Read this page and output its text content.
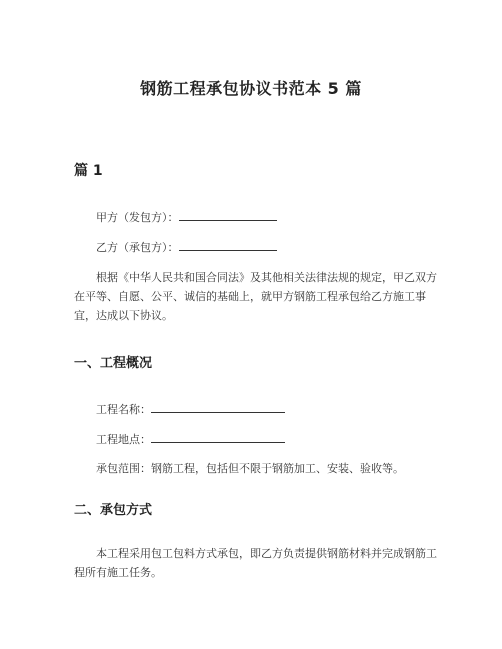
钢筋工程承包协议书范本 5 篇
篇 1
甲方（发包方）：
乙方（承包方）：
根据《中华人民共和国合同法》及其他相关法律法规的规定，甲乙双方在平等、自愿、公平、诚信的基础上，就甲方钢筋工程承包给乙方施工事宜，达成以下协议。
一、工程概况
工程名称：
工程地点：
承包范围：钢筋工程，包括但不限于钢筋加工、安装、验收等。
二、承包方式
本工程采用包工包料方式承包，即乙方负责提供钢筋材料并完成钢筋工程所有施工任务。
